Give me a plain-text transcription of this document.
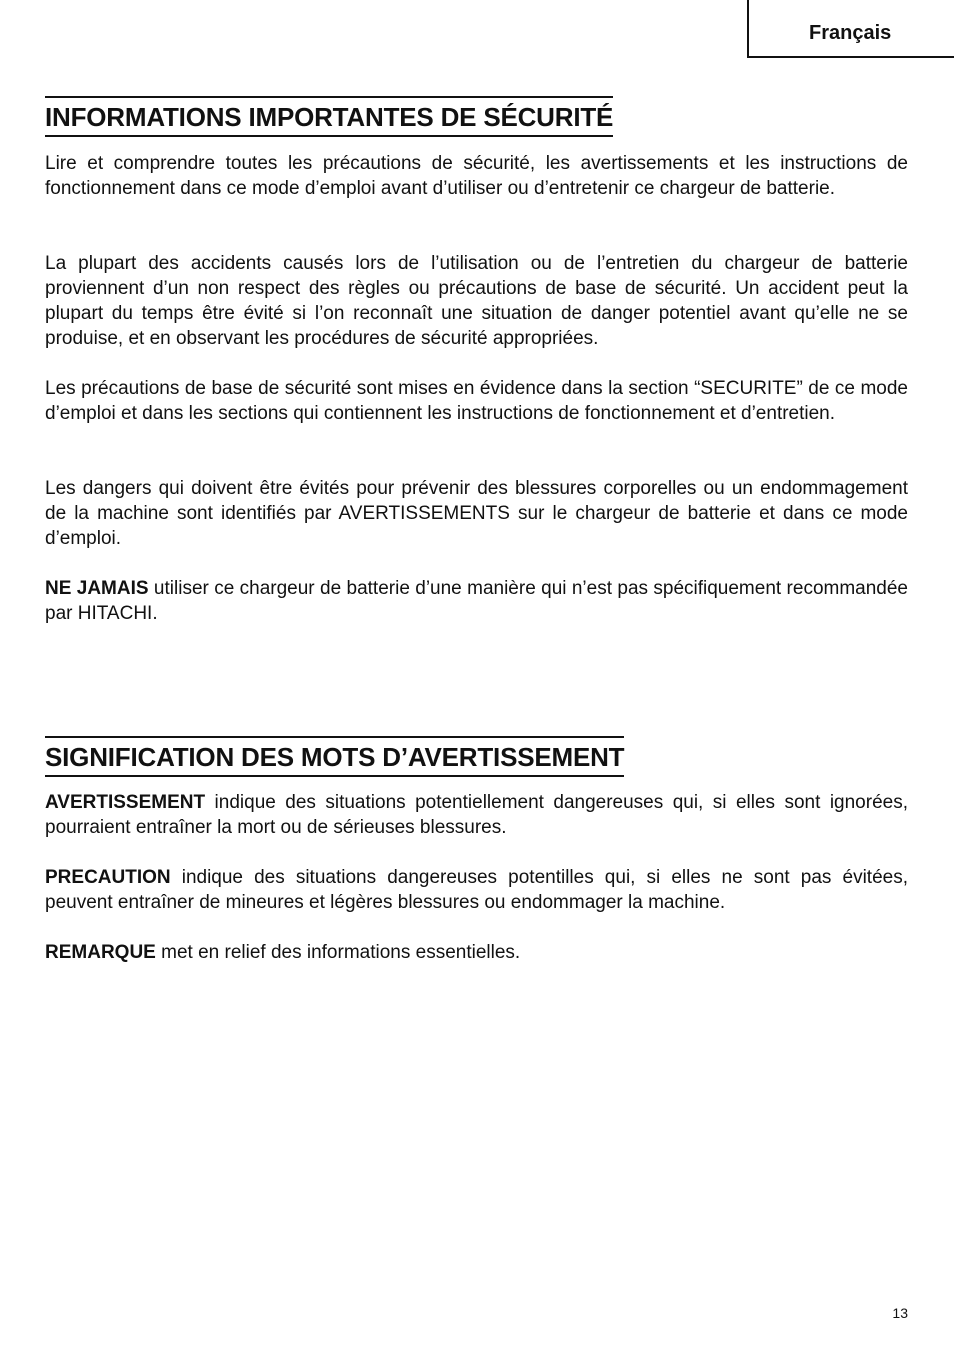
Français
INFORMATIONS IMPORTANTES DE SÉCURITÉ

Lire et comprendre toutes les précautions de sécurité, les avertissements et les instructions de fonctionnement dans ce mode d’emploi avant d’utiliser ou d’entretenir ce chargeur de batterie.

La plupart des accidents causés lors de l’utilisation ou de l’entretien du chargeur de batterie proviennent d’un non respect des règles ou précautions de base de sécurité. Un accident peut la plupart du temps être évité si l’on reconnaît une situation de danger potentiel avant qu’elle ne se produise, et en observant les procédures de sécurité appropriées.

Les précautions de base de sécurité sont mises en évidence dans la section “SECURITE” de ce mode d’emploi et dans les sections qui contiennent les instructions de fonctionnement et d’entretien.

Les dangers qui doivent être évités pour prévenir des blessures corporelles ou un endommagement de la machine sont identifiés par AVERTISSEMENTS sur le chargeur de batterie et dans ce mode d’emploi.

NE JAMAIS utiliser ce chargeur de batterie d’une manière qui n’est pas spécifiquement recommandée par HITACHI.

SIGNIFICATION DES MOTS D’AVERTISSEMENT

AVERTISSEMENT indique des situations potentiellement dangereuses qui, si elles sont ignorées, pourraient entraîner la mort ou de sérieuses blessures.

PRECAUTION indique des situations dangereuses potentilles qui, si elles ne sont pas évitées, peuvent entraîner de mineures et légères blessures ou endommager la machine.

REMARQUE met en relief des informations essentielles.

13
